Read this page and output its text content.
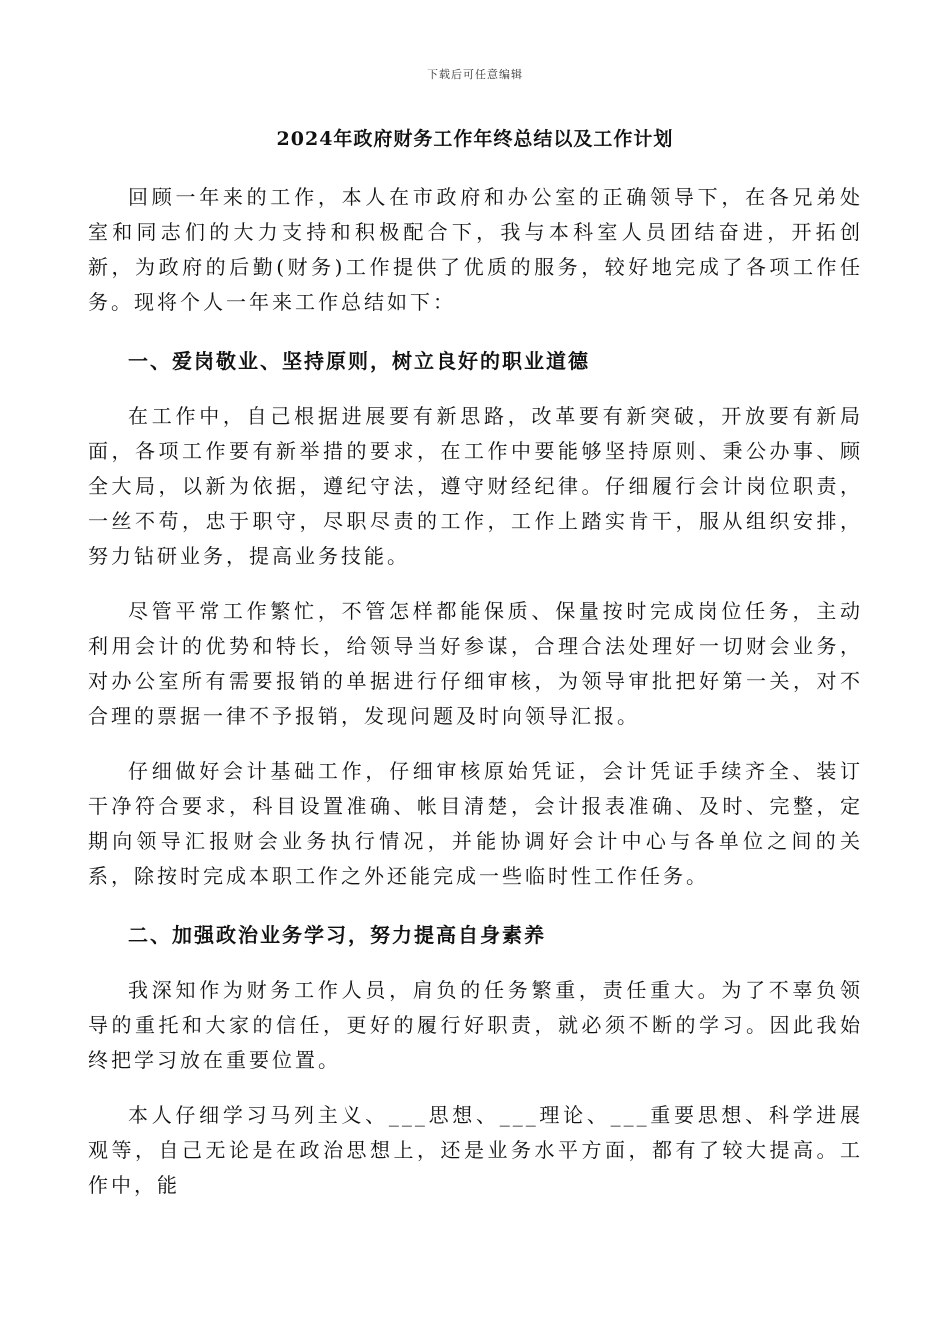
下载后可任意编辑
2024年政府财务工作年终总结以及工作计划

回顾一年来的工作，本人在市政府和办公室的正确领导下，在各兄弟处室和同志们的大力支持和积极配合下，我与本科室人员团结奋进，开拓创新，为政府的后勤(财务)工作提供了优质的服务，较好地完成了各项工作任务。现将个人一年来工作总结如下：

一、爱岗敬业、坚持原则，树立良好的职业道德

在工作中，自己根据进展要有新思路，改革要有新突破，开放要有新局面，各项工作要有新举措的要求，在工作中要能够坚持原则、秉公办事、顾全大局，以新为依据，遵纪守法，遵守财经纪律。仔细履行会计岗位职责，一丝不苟，忠于职守，尽职尽责的工作，工作上踏实肯干，服从组织安排，努力钻研业务，提高业务技能。

尽管平常工作繁忙，不管怎样都能保质、保量按时完成岗位任务，主动利用会计的优势和特长，给领导当好参谋，合理合法处理好一切财会业务，对办公室所有需要报销的单据进行仔细审核，为领导审批把好第一关，对不合理的票据一律不予报销，发现问题及时向领导汇报。

仔细做好会计基础工作，仔细审核原始凭证，会计凭证手续齐全、装订干净符合要求，科目设置准确、帐目清楚，会计报表准确、及时、完整，定期向领导汇报财会业务执行情况，并能协调好会计中心与各单位之间的关系，除按时完成本职工作之外还能完成一些临时性工作任务。

二、加强政治业务学习，努力提高自身素养

我深知作为财务工作人员，肩负的任务繁重，责任重大。为了不辜负领导的重托和大家的信任，更好的履行好职责，就必须不断的学习。因此我始终把学习放在重要位置。

本人仔细学习马列主义、___思想、___理论、___重要思想、科学进展观等，自己无论是在政治思想上，还是业务水平方面，都有了较大提高。工作中，能
